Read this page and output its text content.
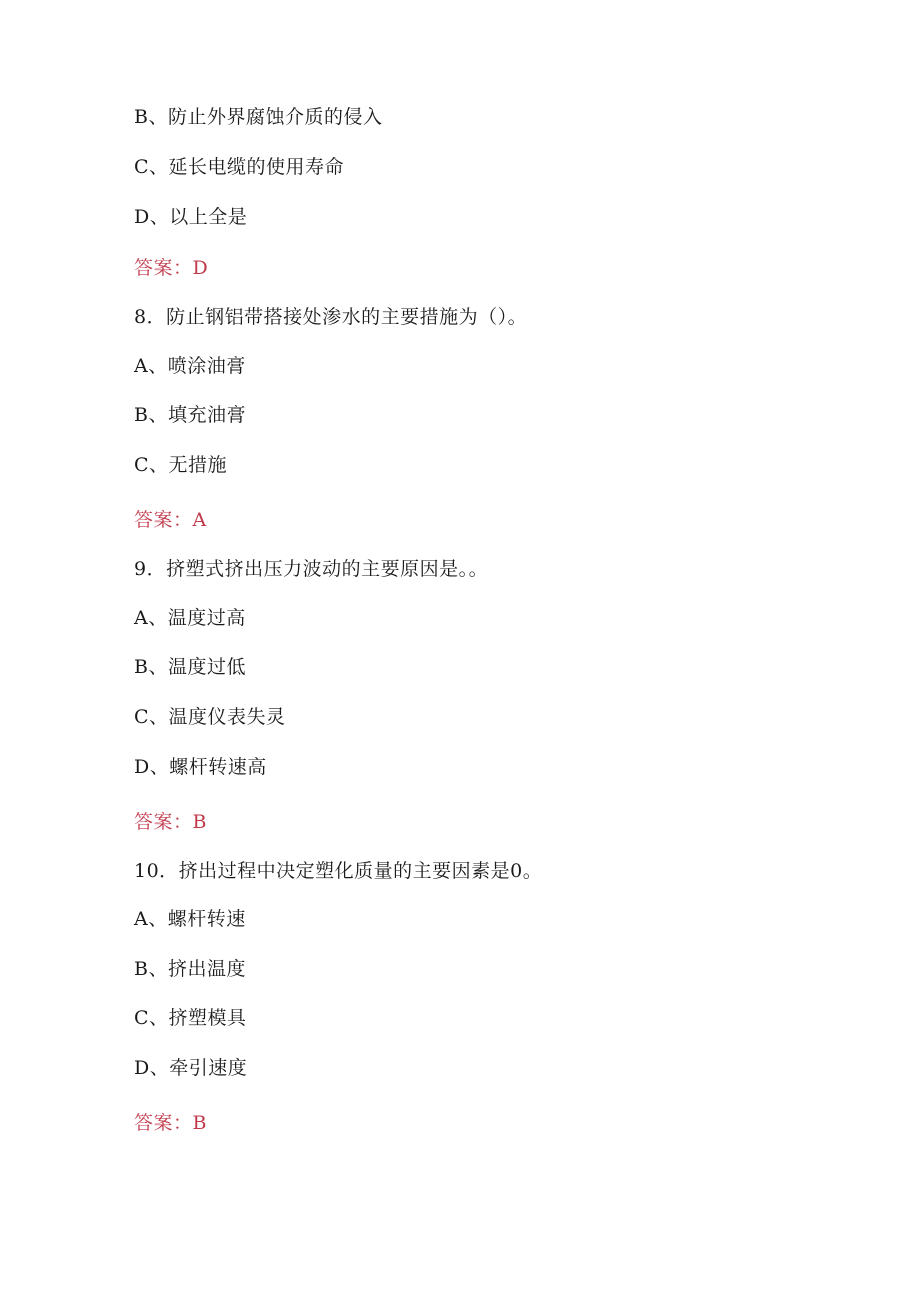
B、防止外界腐蚀介质的侵入
C、延长电缆的使用寿命
D、以上全是
答案：D
8．防止钢铝带搭接处渗水的主要措施为（）。
A、喷涂油膏
B、填充油膏
C、无措施
答案：A
9．挤塑式挤出压力波动的主要原因是。。
A、温度过高
B、温度过低
C、温度仪表失灵
D、螺杆转速高
答案：B
10．挤出过程中决定塑化质量的主要因素是0。
A、螺杆转速
B、挤出温度
C、挤塑模具
D、牵引速度
答案：B
